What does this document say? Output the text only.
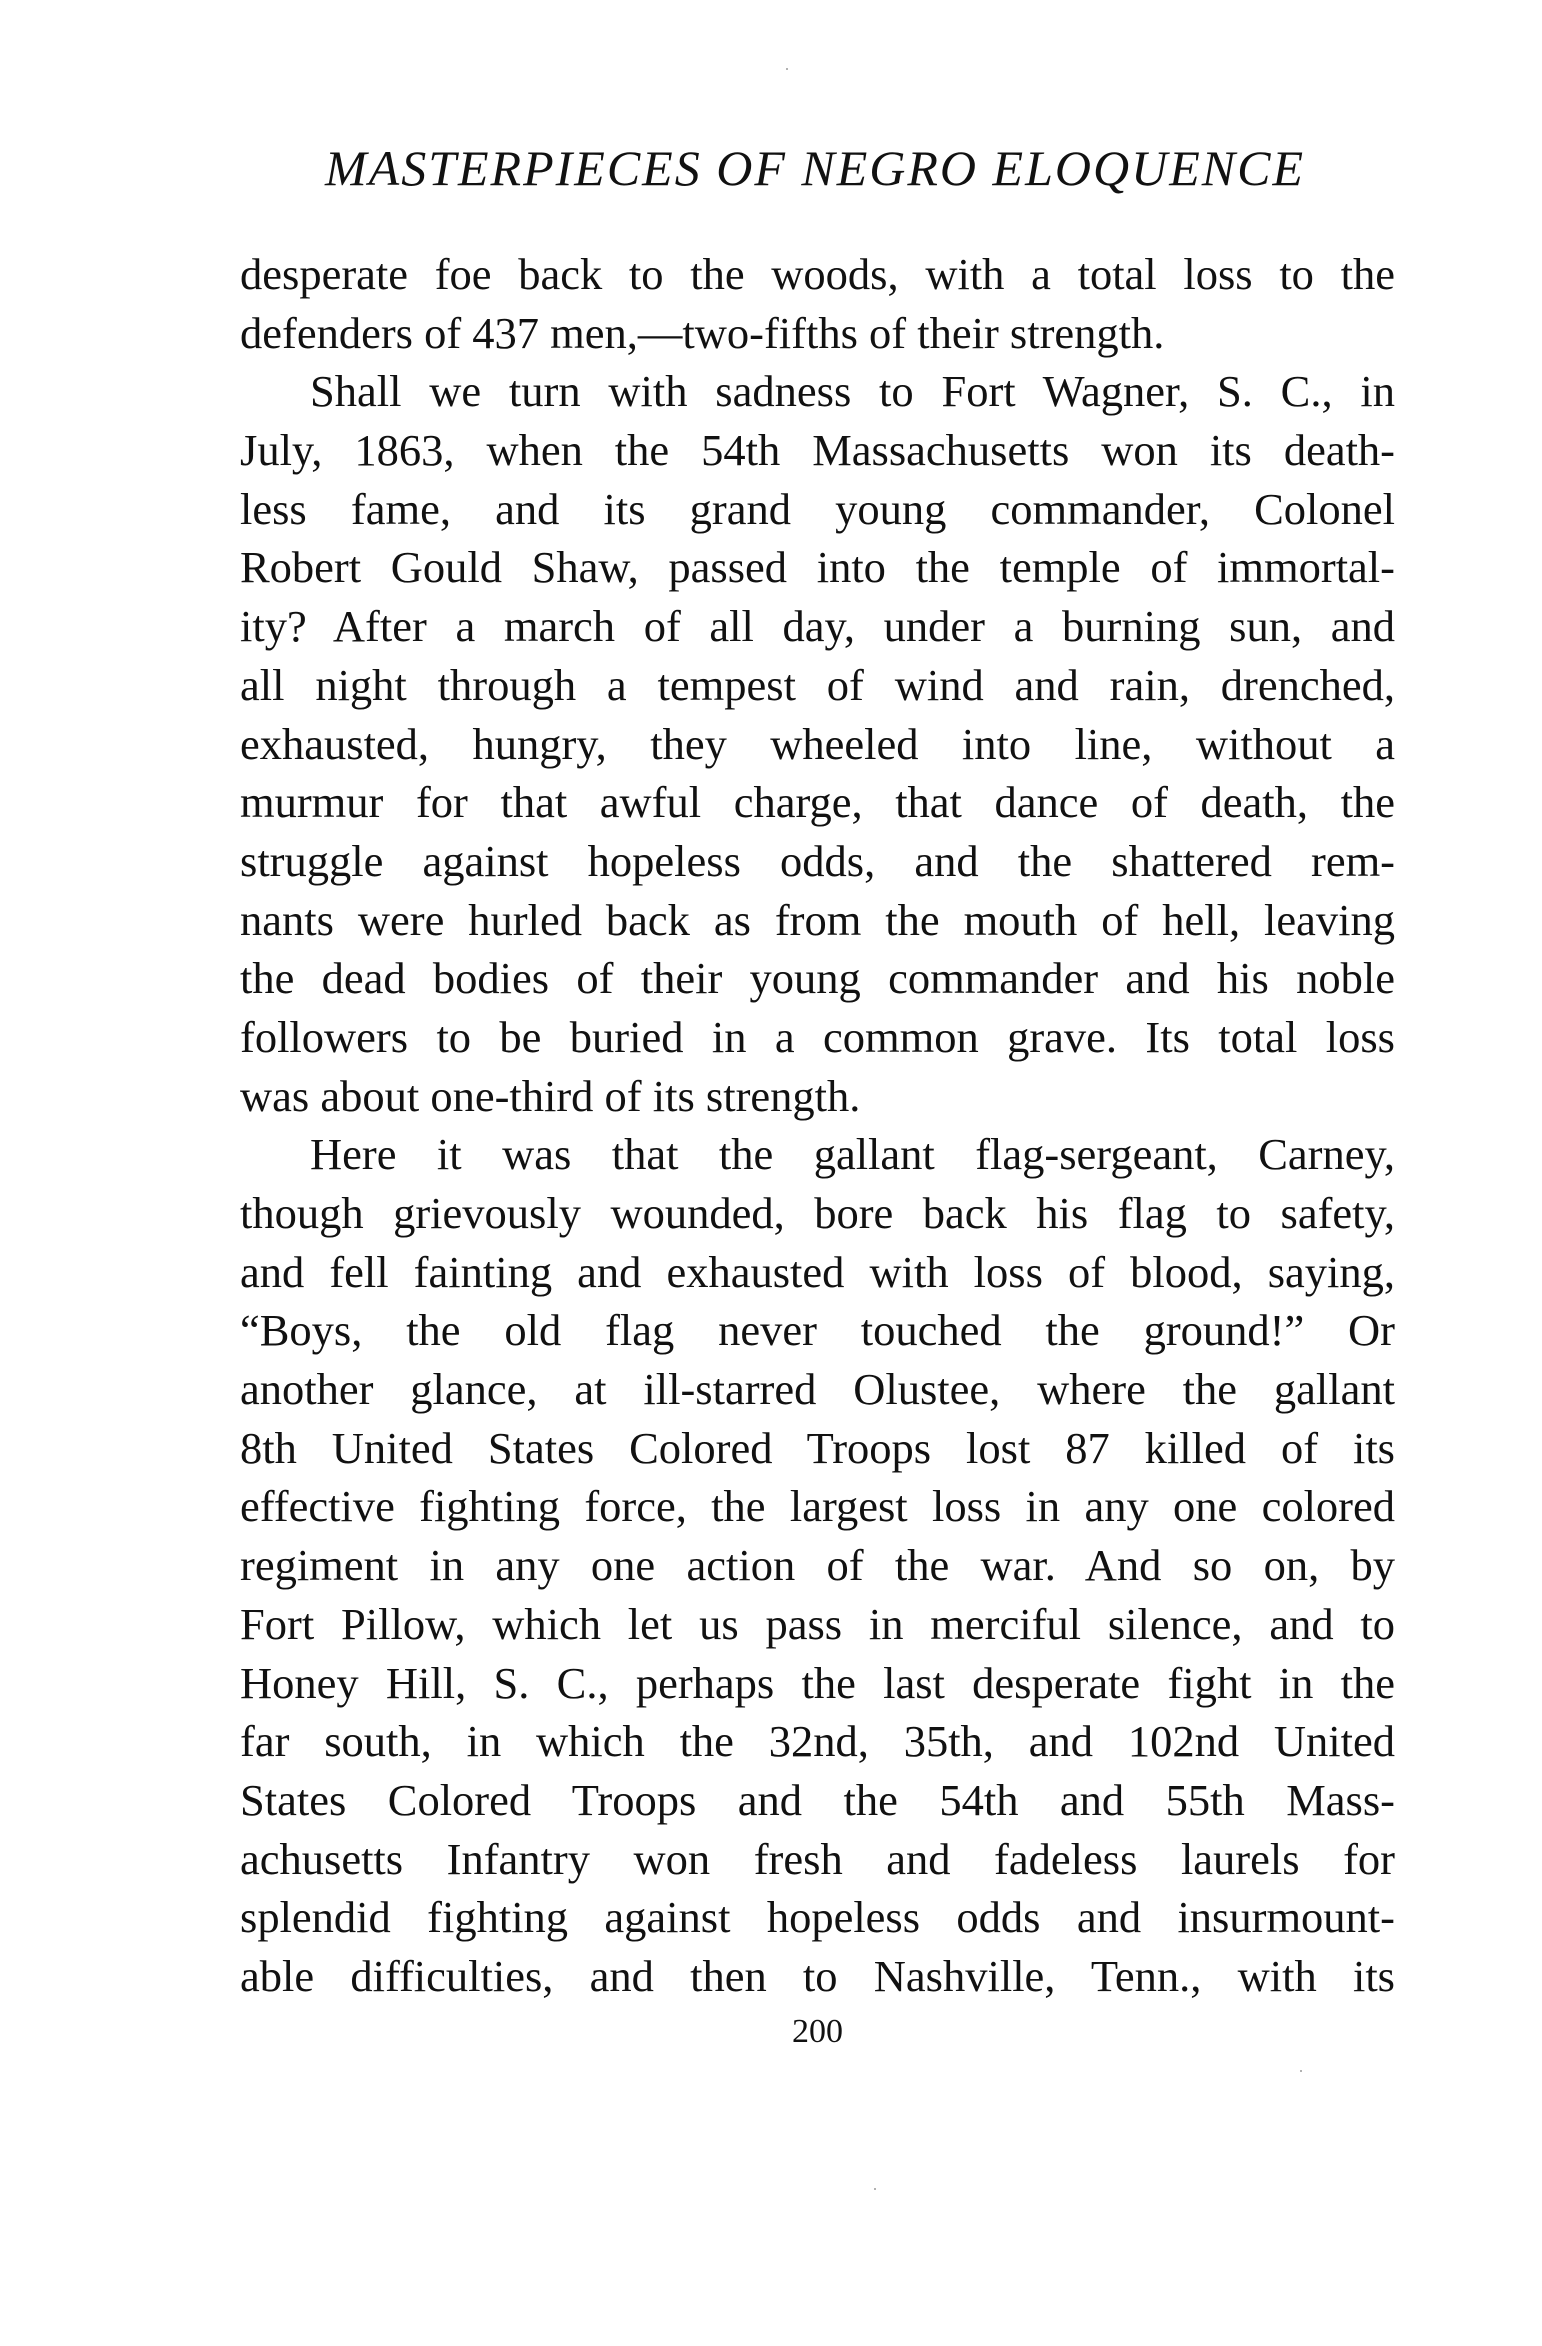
MASTERPIECES OF NEGRO ELOQUENCE
desperate foe back to the woods, with a total loss to the
defenders of 437 men,—two-fifths of their strength.
Shall we turn with sadness to Fort Wagner, S. C., in
July, 1863, when the 54th Massachusetts won its death-
less fame, and its grand young commander, Colonel
Robert Gould Shaw, passed into the temple of immortal-
ity? After a march of all day, under a burning sun, and
all night through a tempest of wind and rain, drenched,
exhausted, hungry, they wheeled into line, without a
murmur for that awful charge, that dance of death, the
struggle against hopeless odds, and the shattered rem-
nants were hurled back as from the mouth of hell, leaving
the dead bodies of their young commander and his noble
followers to be buried in a common grave. Its total loss
was about one-third of its strength.
Here it was that the gallant flag-sergeant, Carney,
though grievously wounded, bore back his flag to safety,
and fell fainting and exhausted with loss of blood, saying,
“Boys, the old flag never touched the ground!” Or
another glance, at ill-starred Olustee, where the gallant
8th United States Colored Troops lost 87 killed of its
effective fighting force, the largest loss in any one colored
regiment in any one action of the war. And so on, by
Fort Pillow, which let us pass in merciful silence, and to
Honey Hill, S. C., perhaps the last desperate fight in the
far south, in which the 32nd, 35th, and 102nd United
States Colored Troops and the 54th and 55th Mass-
achusetts Infantry won fresh and fadeless laurels for
splendid fighting against hopeless odds and insurmount-
able difficulties, and then to Nashville, Tenn., with its
200
